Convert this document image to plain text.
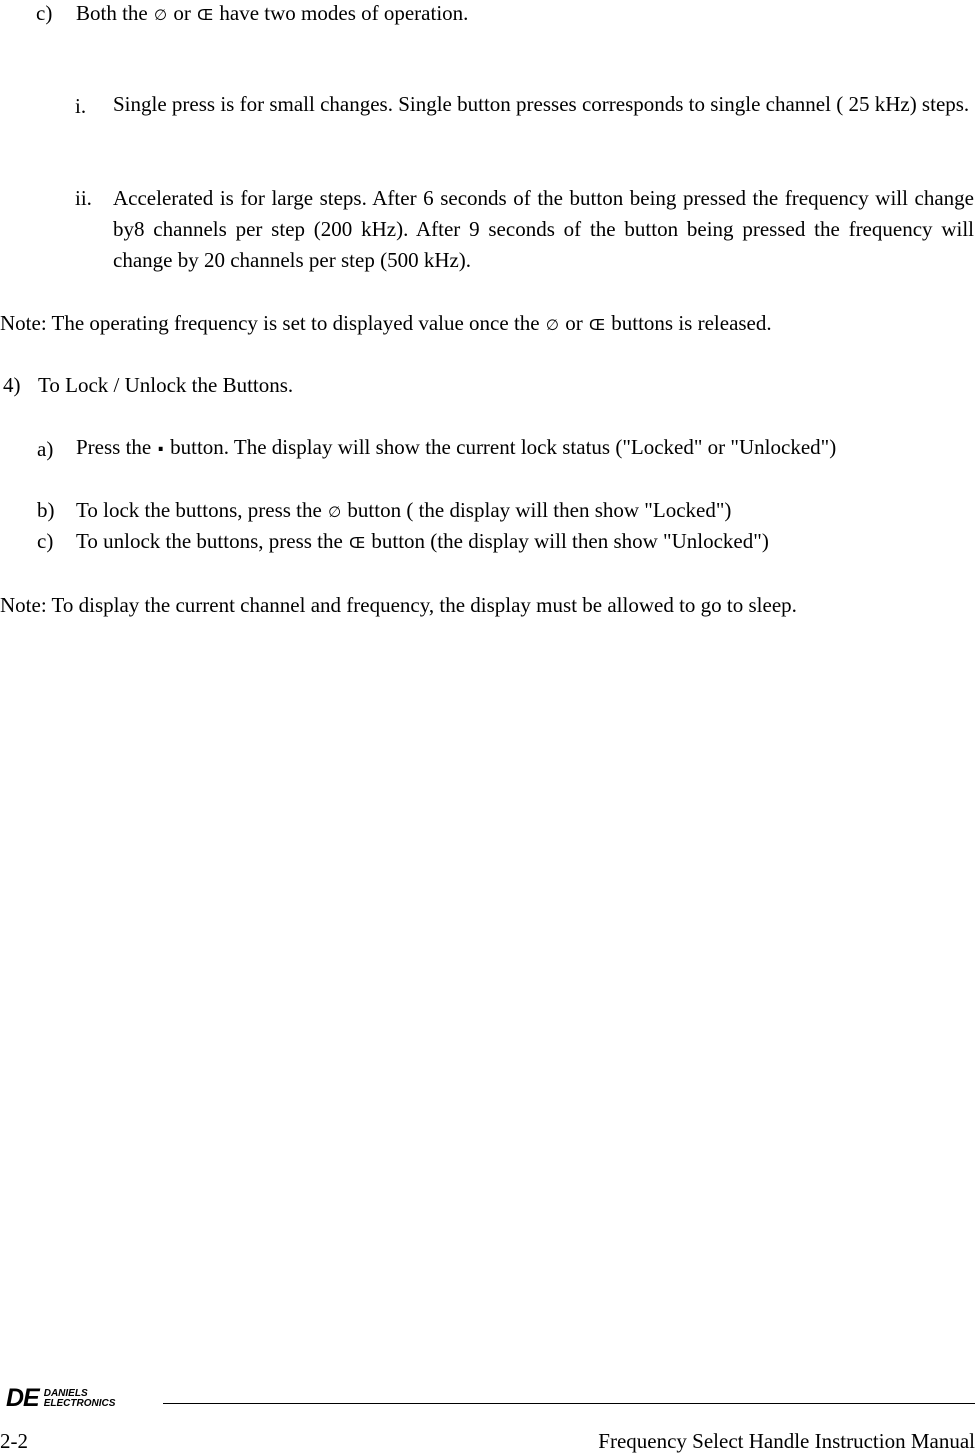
c) Both the ∅ or Œ have two modes of operation.
i. Single press is for small changes. Single button presses corresponds to single channel ( 25 kHz) steps.
ii. Accelerated is for large steps. After 6 seconds of the button being pressed the frequency will change by8 channels per step (200 kHz). After 9 seconds of the button being pressed the frequency will change by 20 channels per step (500 kHz).
Note: The operating frequency is set to displayed value once the ∅ or Œ buttons is released.
4) To Lock / Unlock the Buttons.
a) Press the . button. The display will show the current lock status ("Locked" or "Unlocked")
b) To lock the buttons, press the ∅ button ( the display will then show "Locked")
c) To unlock the buttons, press the Œ button (the display will then show "Unlocked")
Note: To display the current channel and frequency, the display must be allowed to go to sleep.
DE DANIELS
ELECTRONICS
2-2	Frequency Select Handle Instruction Manual
